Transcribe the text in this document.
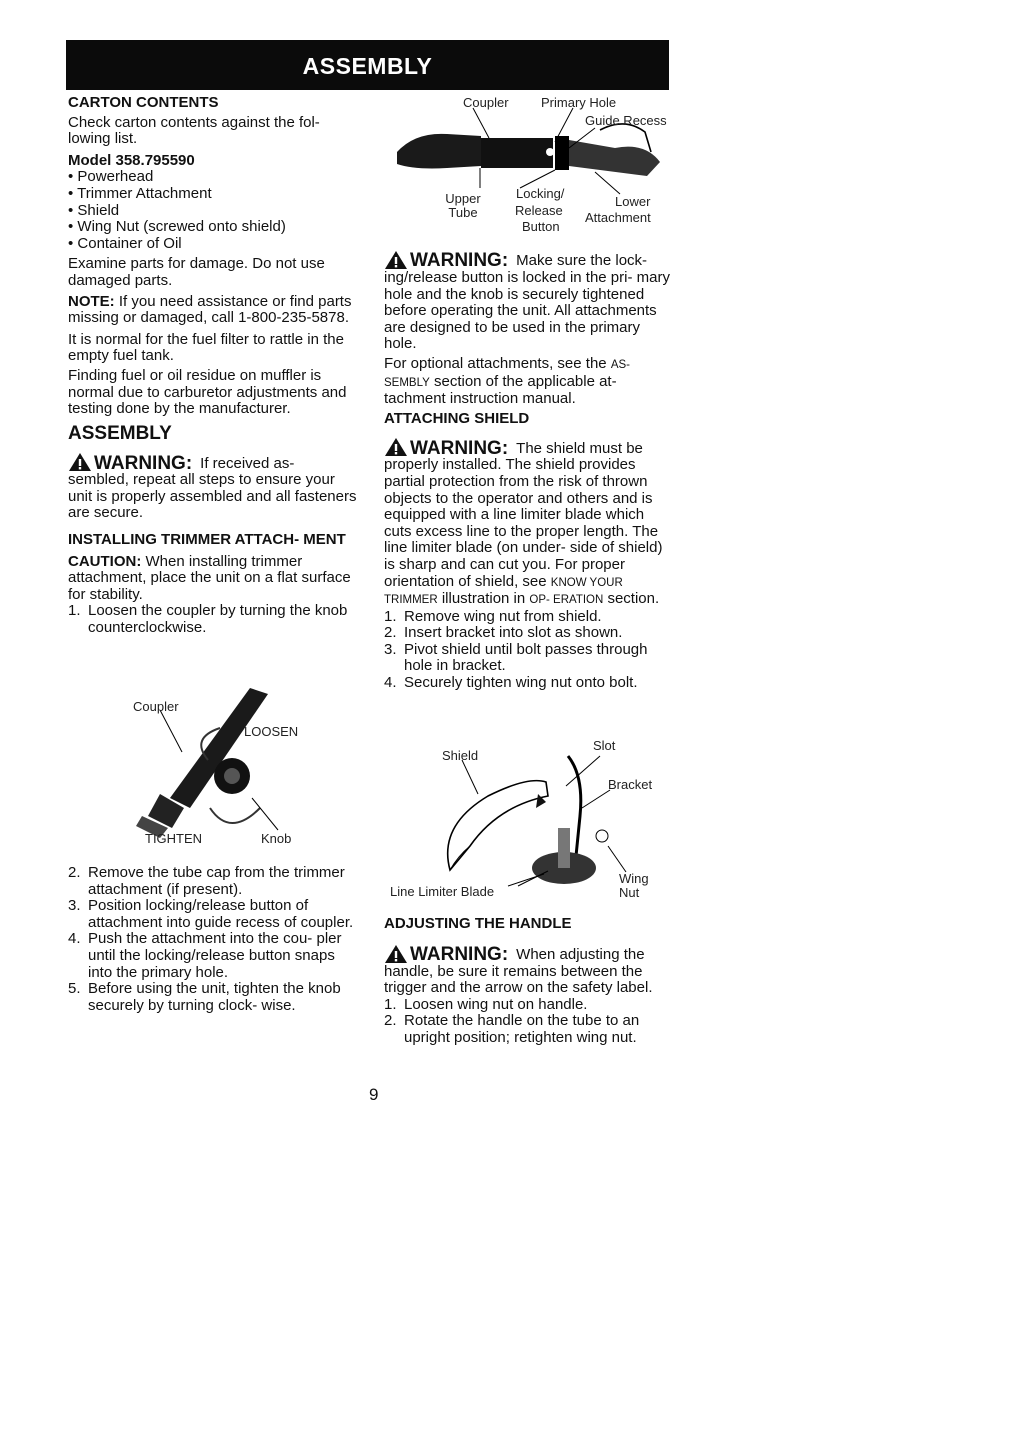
ASSEMBLY

CARTON CONTENTS

Check carton contents against the fol- lowing list.

Model 358.795590

• Powerhead
• Trimmer Attachment
• Shield
• Wing Nut (screwed onto shield)
• Container of Oil

Examine parts for damage. Do not use damaged parts.

NOTE: If you need assistance or find parts missing or damaged, call 1-800-235-5878.

It is normal for the fuel filter to rattle in the empty fuel tank.

Finding fuel or oil residue on muffler is normal due to carburetor adjustments and testing done by the manufacturer.

ASSEMBLY

WARNING: If received as-

sembled, repeat all steps to ensure your unit is properly assembled and all fasteners are secure.

INSTALLING TRIMMER ATTACH- MENT

CAUTION: When installing trimmer attachment, place the unit on a flat surface for stability.

1. Loosen the coupler by turning the knob counterclockwise.
Coupler
LOOSEN
TIGHTEN	Knob
2. Remove the tube cap from the trimmer attachment (if present).
3. Position locking/release button of attachment into guide recess of coupler.
4. Push the attachment into the cou- pler until the locking/release button snaps into the primary hole.
5. Before using the unit, tighten the knob securely by turning clock- wise.
Coupler Primary Hole
Guide Recess
Upper Tube
Locking/
Release
Button
Lower
Attachment
WARNING: Make sure the lock-

ing/release button is locked in the pri- mary hole and the knob is securely tightened before operating the unit. All attachments are designed to be used in the primary hole.

For optional attachments, see the AS- SEMBLY section of the applicable at- tachment instruction manual.

ATTACHING SHIELD

WARNING: The shield must be

properly installed. The shield provides partial protection from the risk of thrown objects to the operator and others and is equipped with a line limiter blade which cuts excess line to the proper length. The line limiter blade (on under- side of shield) is sharp and can cut you. For proper orientation of shield, see KNOW YOUR TRIMMER illustration in OP- ERATION section.

1. Remove wing nut from shield.
2. Insert bracket into slot as shown.
3. Pivot shield until bolt passes through hole in bracket.
4. Securely tighten wing nut onto bolt.
Shield
Slot
Bracket
Wing
Nut
Line Limiter Blade

ADJUSTING THE HANDLE

WARNING: When adjusting the

handle, be sure it remains between the trigger and the arrow on the safety label.

1. Loosen wing nut on handle.
2. Rotate the handle on the tube to an upright position; retighten wing nut.
9
